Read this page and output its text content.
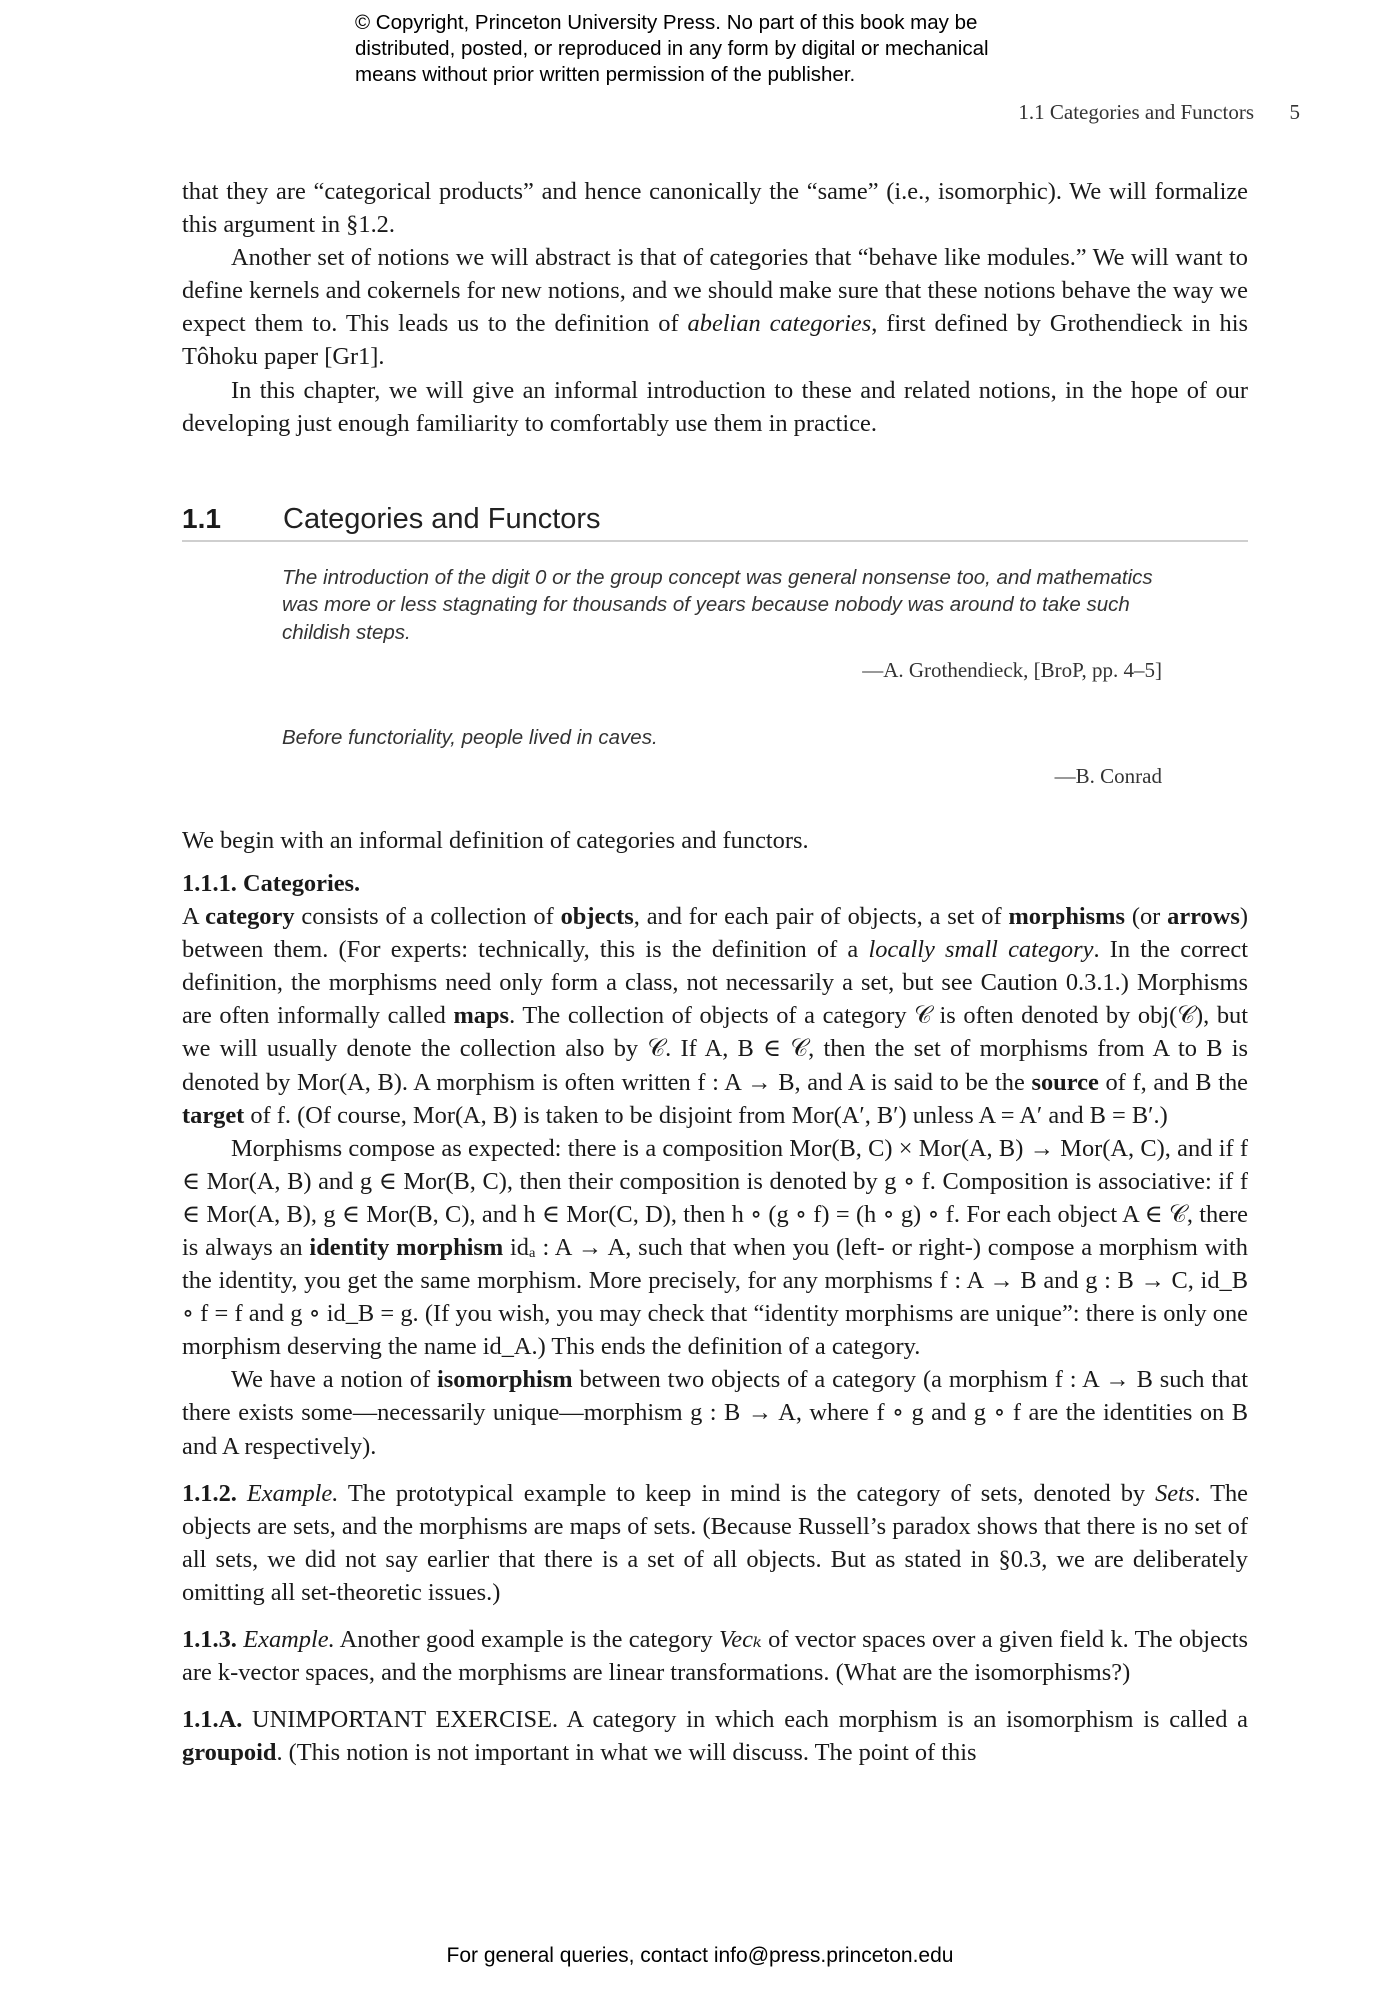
© Copyright, Princeton University Press. No part of this book may be
distributed, posted, or reproduced in any form by digital or mechanical
means without prior written permission of the publisher.
1.1 Categories and Functors 5

that they are “categorical products” and hence canonically the “same” (i.e., isomorphic). We will formalize this argument in §1.2.

Another set of notions we will abstract is that of categories that “behave like modules.” We will want to define kernels and cokernels for new notions, and we should make sure that these notions behave the way we expect them to. This leads us to the definition of abelian categories, first defined by Grothendieck in his Tôhoku paper [Gr1].

In this chapter, we will give an informal introduction to these and related notions, in the hope of our developing just enough familiarity to comfortably use them in practice.

1.1	Categories and Functors
The introduction of the digit 0 or the group concept was general nonsense too, and mathematics was more or less stagnating for thousands of years because nobody was around to take such childish steps.
—A. Grothendieck, [BroP, pp. 4–5]
Before functoriality, people lived in caves.
—B. Conrad

We begin with an informal definition of categories and functors.

1.1.1. Categories.

A category consists of a collection of objects, and for each pair of objects, a set of morphisms (or arrows) between them. (For experts: technically, this is the definition of a locally small category. In the correct definition, the morphisms need only form a class, not necessarily a set, but see Caution 0.3.1.) Morphisms are often informally called maps. The collection of objects of a category 𝒞 is often denoted by obj(𝒞), but we will usually denote the collection also by 𝒞. If A, B ∈ 𝒞, then the set of morphisms from A to B is denoted by Mor(A, B). A morphism is often written f : A → B, and A is said to be the source of f, and B the target of f. (Of course, Mor(A, B) is taken to be disjoint from Mor(A′, B′) unless A = A′ and B = B′.)

Morphisms compose as expected: there is a composition Mor(B, C) × Mor(A, B) → Mor(A, C), and if f ∈ Mor(A, B) and g ∈ Mor(B, C), then their composition is denoted by g ∘ f. Composition is associative: if f ∈ Mor(A, B), g ∈ Mor(B, C), and h ∈ Mor(C, D), then h ∘ (g ∘ f) = (h ∘ g) ∘ f. For each object A ∈ 𝒞, there is always an identity morphism idₐ : A → A, such that when you (left- or right-) compose a morphism with the identity, you get the same morphism. More precisely, for any morphisms f : A → B and g : B → C, id_B ∘ f = f and g ∘ id_B = g. (If you wish, you may check that “identity morphisms are unique”: there is only one morphism deserving the name id_A.) This ends the definition of a category.

We have a notion of isomorphism between two objects of a category (a morphism f : A → B such that there exists some—necessarily unique—morphism g : B → A, where f ∘ g and g ∘ f are the identities on B and A respectively).

1.1.2. Example. The prototypical example to keep in mind is the category of sets, denoted by Sets. The objects are sets, and the morphisms are maps of sets. (Because Russell’s paradox shows that there is no set of all sets, we did not say earlier that there is a set of all objects. But as stated in §0.3, we are deliberately omitting all set-theoretic issues.)

1.1.3. Example. Another good example is the category Vecₖ of vector spaces over a given field k. The objects are k-vector spaces, and the morphisms are linear transformations. (What are the isomorphisms?)

1.1.A. UNIMPORTANT EXERCISE. A category in which each morphism is an isomorphism is called a groupoid. (This notion is not important in what we will discuss. The point of this

For general queries, contact info@press.princeton.edu
